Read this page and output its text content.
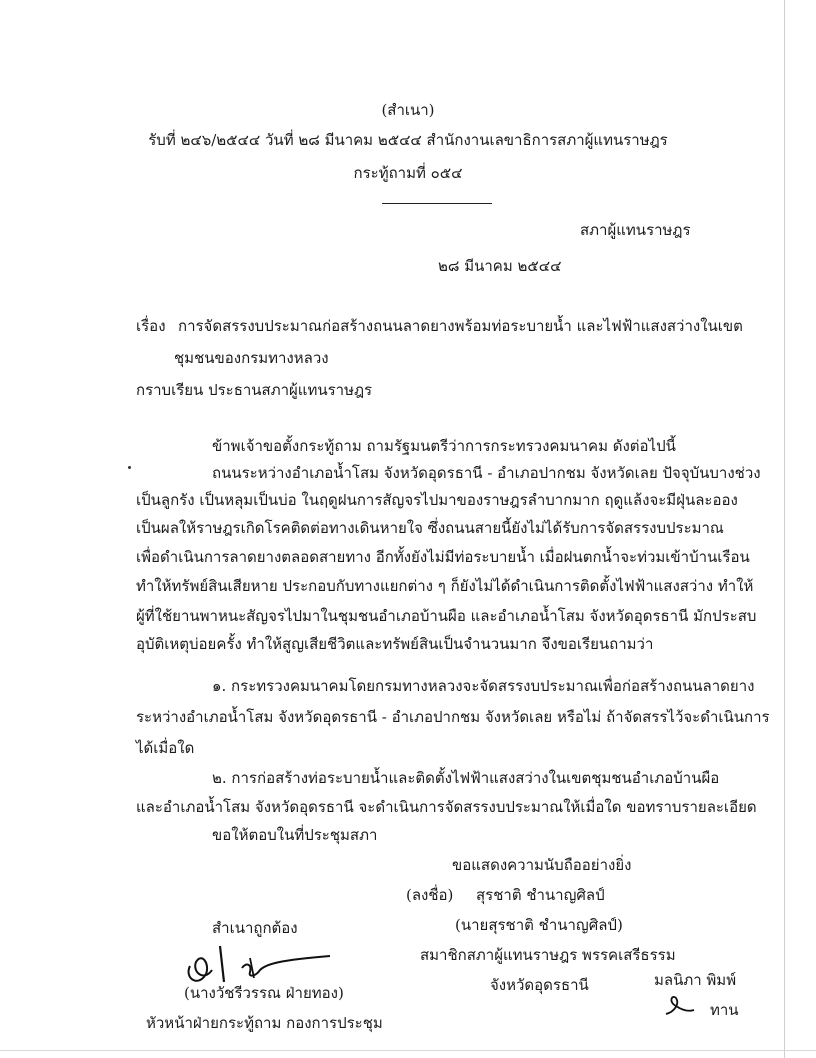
(สำเนา)
รับที่ ๒๔๖/๒๕๔๔ วันที่ ๒๘ มีนาคม ๒๕๔๔ สำนักงานเลขาธิการสภาผู้แทนราษฎร
กระทู้ถามที่ ๐๕๔
สภาผู้แทนราษฎร
๒๘ มีนาคม ๒๕๔๔
เรื่อง การจัดสรรงบประมาณก่อสร้างถนนลาดยางพร้อมท่อระบายน้ำ และไฟฟ้าแสงสว่างในเขต
ชุมชนของกรมทางหลวง
กราบเรียน ประธานสภาผู้แทนราษฎร
ข้าพเจ้าขอตั้งกระทู้ถาม ถามรัฐมนตรีว่าการกระทรวงคมนาคม ดังต่อไปนี้
ถนนระหว่างอำเภอน้ำโสม จังหวัดอุดรธานี - อำเภอปากชม จังหวัดเลย ปัจจุบันบางช่วง
เป็นลูกรัง เป็นหลุมเป็นบ่อ ในฤดูฝนการสัญจรไปมาของราษฎรลำบากมาก ฤดูแล้งจะมีฝุ่นละออง
เป็นผลให้ราษฎรเกิดโรคติดต่อทางเดินหายใจ ซึ่งถนนสายนี้ยังไม่ได้รับการจัดสรรงบประมาณ
เพื่อดำเนินการลาดยางตลอดสายทาง อีกทั้งยังไม่มีท่อระบายน้ำ เมื่อฝนตกน้ำจะท่วมเข้าบ้านเรือน
ทำให้ทรัพย์สินเสียหาย ประกอบกับทางแยกต่าง ๆ ก็ยังไม่ได้ดำเนินการติดตั้งไฟฟ้าแสงสว่าง ทำให้
ผู้ที่ใช้ยานพาหนะสัญจรไปมาในชุมชนอำเภอบ้านผือ และอำเภอน้ำโสม จังหวัดอุดรธานี มักประสบ
อุบัติเหตุบ่อยครั้ง ทำให้สูญเสียชีวิตและทรัพย์สินเป็นจำนวนมาก จึงขอเรียนถามว่า
๑. กระทรวงคมนาคมโดยกรมทางหลวงจะจัดสรรงบประมาณเพื่อก่อสร้างถนนลาดยาง
ระหว่างอำเภอน้ำโสม จังหวัดอุดรธานี - อำเภอปากชม จังหวัดเลย หรือไม่ ถ้าจัดสรรไว้จะดำเนินการ
ได้เมื่อใด
๒. การก่อสร้างท่อระบายน้ำและติดตั้งไฟฟ้าแสงสว่างในเขตชุมชนอำเภอบ้านผือ
และอำเภอน้ำโสม จังหวัดอุดรธานี จะดำเนินการจัดสรรงบประมาณให้เมื่อใด ขอทราบรายละเอียด
ขอให้ตอบในที่ประชุมสภา
ขอแสดงความนับถืออย่างยิ่ง
(ลงชื่อ) สุรชาติ ชำนาญศิลป์
(นายสุรชาติ ชำนาญศิลป์)
สมาชิกสภาผู้แทนราษฎร พรรคเสรีธรรม
จังหวัดอุดรธานี
สำเนาถูกต้อง
(นางวัชรีวรรณ ฝ่ายทอง)
หัวหน้าฝ่ายกระทู้ถาม กองการประชุม
มลนิภา พิมพ์
ทาน
